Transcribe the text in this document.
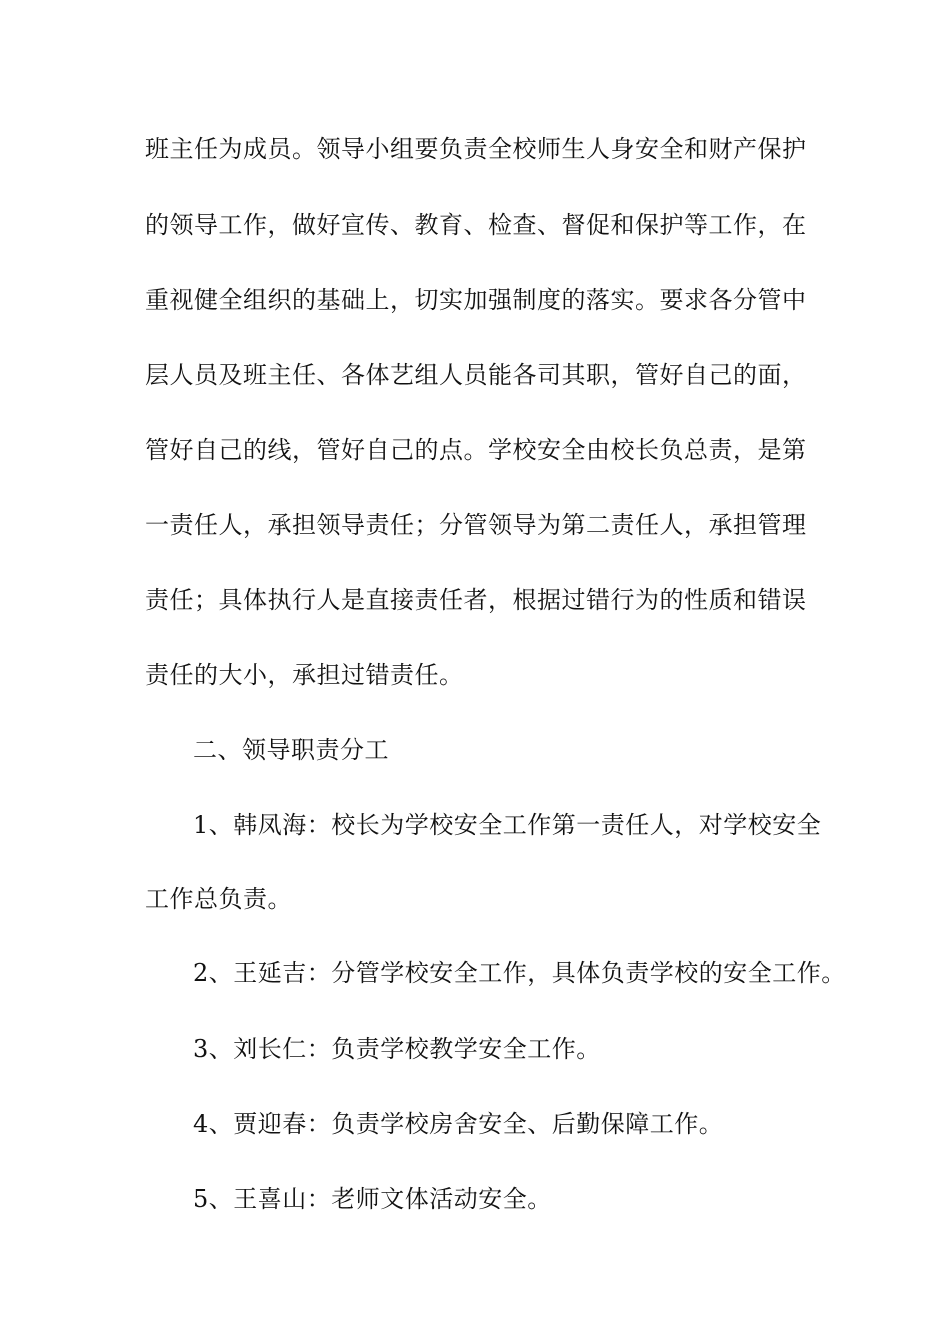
班主任为成员。领导小组要负责全校师生人身安全和财产保护
的领导工作，做好宣传、教育、检查、督促和保护等工作，在
重视健全组织的基础上，切实加强制度的落实。要求各分管中
层人员及班主任、各体艺组人员能各司其职，管好自己的面，
管好自己的线，管好自己的点。学校安全由校长负总责，是第
一责任人，承担领导责任；分管领导为第二责任人，承担管理
责任；具体执行人是直接责任者，根据过错行为的性质和错误
责任的大小，承担过错责任。
二、领导职责分工
1、韩凤海：校长为学校安全工作第一责任人，对学校安全
工作总负责。
2、王延吉：分管学校安全工作，具体负责学校的安全工作。
3、刘长仁：负责学校教学安全工作。
4、贾迎春：负责学校房舍安全、后勤保障工作。
5、王喜山：老师文体活动安全。
